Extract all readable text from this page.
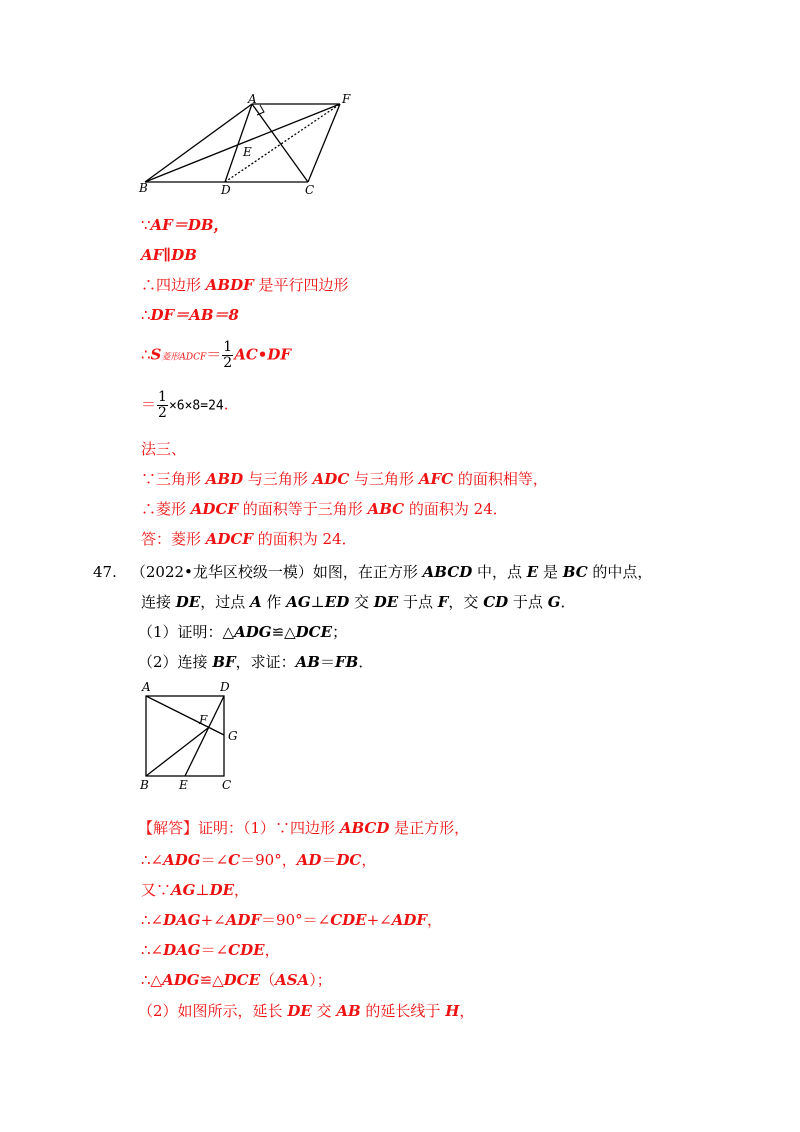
A	F
E
B	D	C
∵AF＝DB，
AF∥DB
∴四边形 ABDF 是平行四边形
∴DF＝AB＝8
∴S菱形ADCF＝ $\frac{1}{2}$ AC•DF
＝ $\frac{1}{2} \times 6\times 8=24$.
法三、
∵三角形 ABD 与三角形 ADC 与三角形 AFC 的面积相等，
∴菱形 ADCF 的面积等于三角形 ABC 的面积为 24．
答：菱形 ADCF 的面积为 24．
47. （2022•龙华区校级一模）如图，在正方形 ABCD 中，点 E 是 BC 的中点，
连接 DE，过点 A 作 AG⊥ED 交 DE 于点 F，交 CD 于点 G．
（1）证明：△ADG≌△DCE；
（2）连接 BF，求证：AB＝FB．
A	D
F
G
B	E	C
【解答】证明：（1）∵四边形 ABCD 是正方形，
∴∠ADG＝∠C＝90°，AD＝DC，
又∵AG⊥DE，
∴∠DAG+∠ADF＝90°＝∠CDE+∠ADF，
∴∠DAG＝∠CDE，
∴△ADG≌△DCE（ASA）；
（2）如图所示，延长 DE 交 AB 的延长线于 H，
